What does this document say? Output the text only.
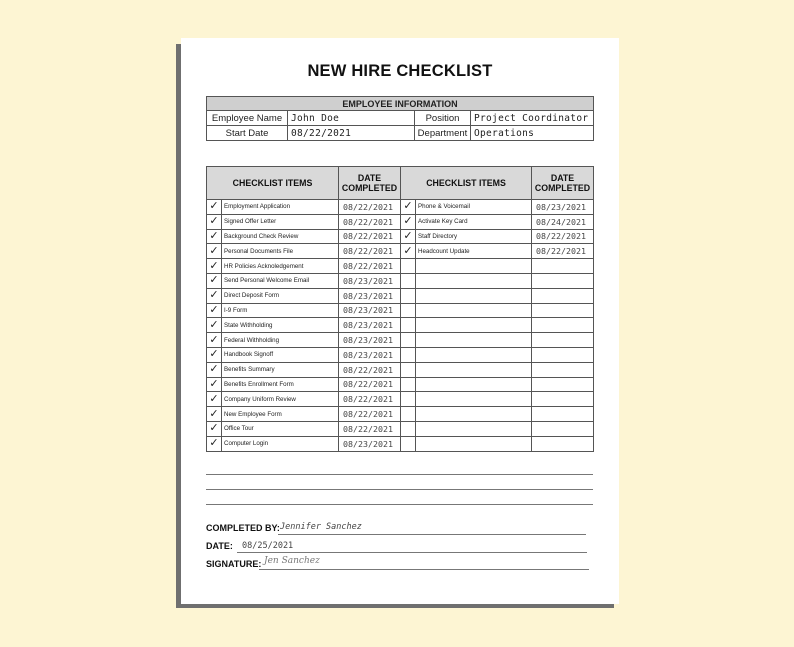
NEW HIRE CHECKLIST
EMPLOYEE INFORMATION			
Employee Name	John Doe	Position	Project Coordinator
Start Date	08/22/2021	Department	Operations
CHECKLIST ITEMS		DATE COMPLETED	CHECKLIST ITEMS		DATE COMPLETED
✓	Employment Application	08/22/2021	✓	Phone & Voicemail	08/23/2021
✓	Signed Offer Letter	08/22/2021	✓	Activate Key Card	08/24/2021
✓	Background Check Review	08/22/2021	✓	Staff Directory	08/22/2021
✓	Personal Documents File	08/22/2021	✓	Headcount Update	08/22/2021
✓	HR Policies Acknoledgement	08/22/2021			
✓	Send Personal Welcome Email	08/23/2021			
✓	Direct Deposit Form	08/23/2021			
✓	I-9 Form	08/23/2021			
✓	State Withholding	08/23/2021			
✓	Federal Withholding	08/23/2021			
✓	Handbook Signoff	08/23/2021			
✓	Benefits Summary	08/22/2021			
✓	Benefits Enrollment Form	08/22/2021			
✓	Company Uniform Review	08/22/2021			
✓	New Employee Form	08/22/2021			
✓	Office Tour	08/22/2021			
✓	Computer Login	08/23/2021			
COMPLETED BY: Jennifer Sanchez
DATE: 08/25/2021
SIGNATURE: Jen Sanchez
